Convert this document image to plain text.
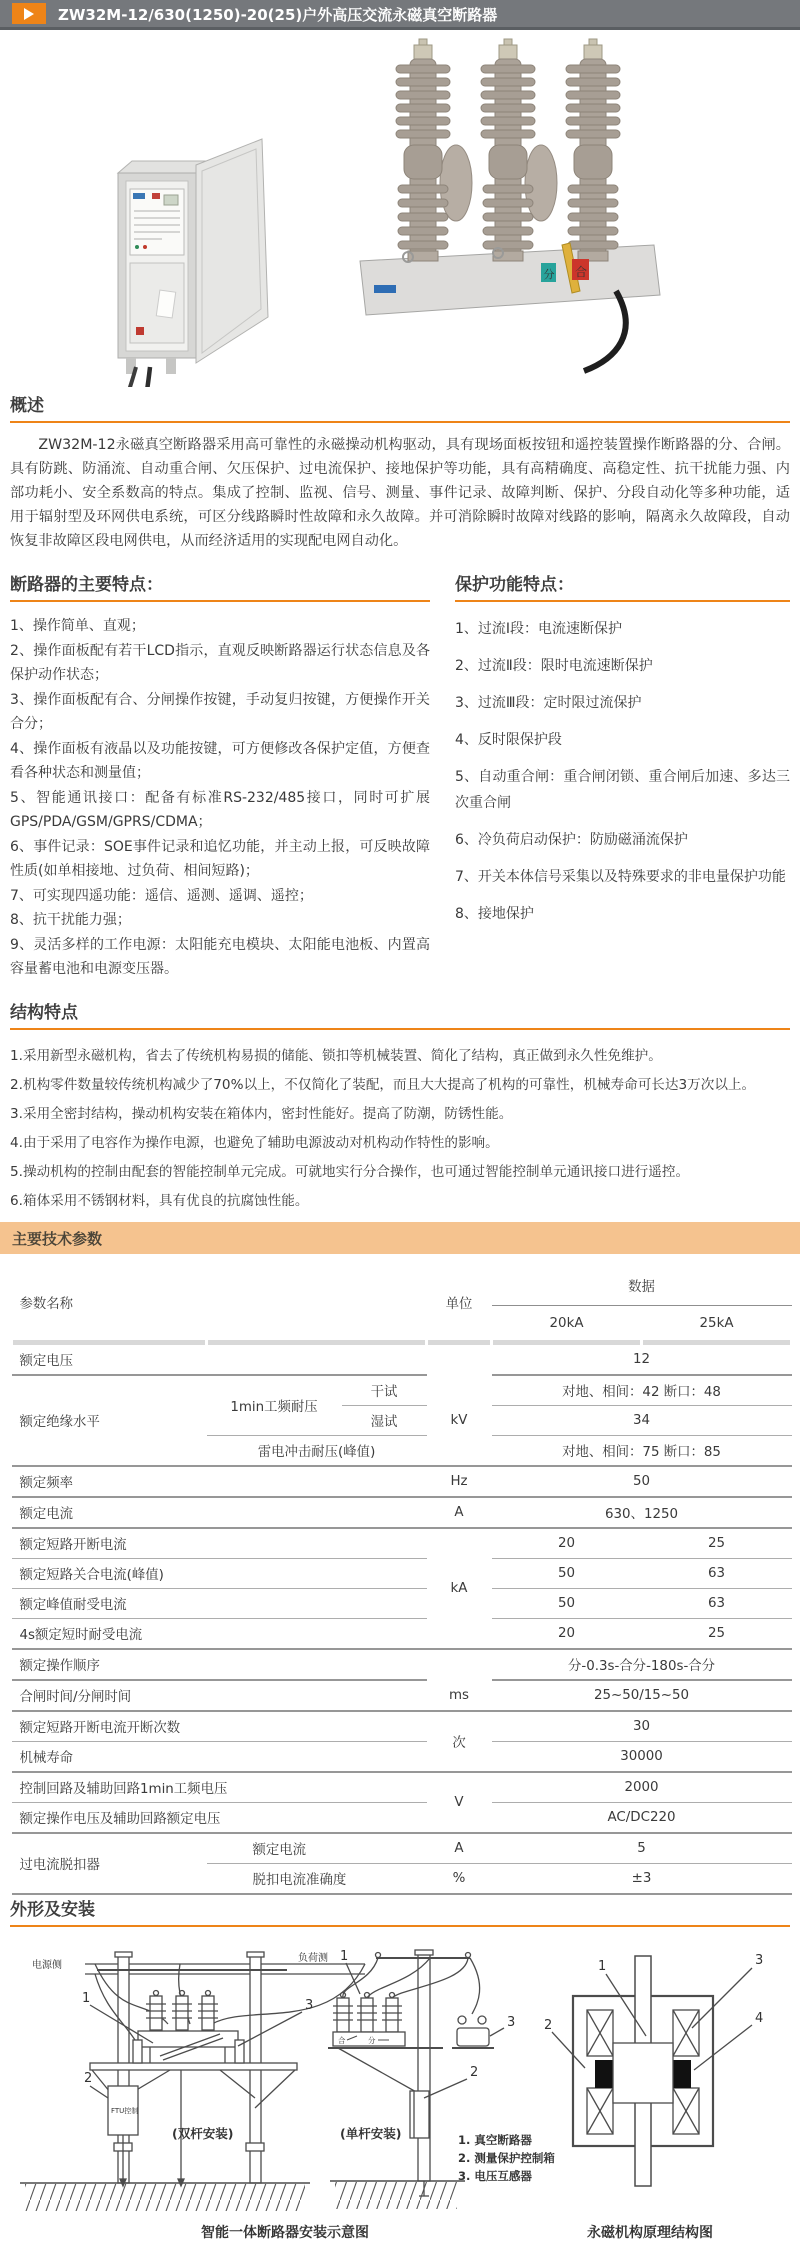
ZW32M-12/630(1250)-20(25)户外高压交流永磁真空断路器
分 合
概述
ZW32M-12永磁真空断路器采用高可靠性的永磁操动机构驱动，具有现场面板按钮和遥控装置操作断路器的分、合闸。具有防跳、防涌流、自动重合闸、欠压保护、过电流保护、接地保护等功能，具有高精确度、高稳定性、抗干扰能力强、内部功耗小、安全系数高的特点。集成了控制、监视、信号、测量、事件记录、故障判断、保护、分段自动化等多种功能，适用于辐射型及环网供电系统，可区分线路瞬时性故障和永久故障。并可消除瞬时故障对线路的影响，隔离永久故障段，自动恢复非故障区段电网供电，从而经济适用的实现配电网自动化。
断路器的主要特点：
1、操作简单、直观；
2、操作面板配有若干LCD指示，直观反映断路器运行状态信息及各保护动作状态；
3、操作面板配有合、分闸操作按键，手动复归按键，方便操作开关合分；
4、操作面板有液晶以及功能按键，可方便修改各保护定值，方便查看各种状态和测量值；
5、智能通讯接口：配备有标准RS-232/485接口，同时可扩展GPS/PDA/GSM/GPRS/CDMA；
6、事件记录：SOE事件记录和追忆功能，并主动上报，可反映故障性质(如单相接地、过负荷、相间短路)；
7、可实现四遥功能：遥信、遥测、遥调、遥控；
8、抗干扰能力强；
9、灵活多样的工作电源：太阳能充电模块、太阳能电池板、内置高容量蓄电池和电源变压器。
保护功能特点：
1、过流Ⅰ段：电流速断保护
2、过流Ⅱ段：限时电流速断保护
3、过流Ⅲ段：定时限过流保护
4、反时限保护段
5、自动重合闸：重合闸闭锁、重合闸后加速、多达三次重合闸
6、冷负荷启动保护：防励磁涌流保护
7、开关本体信号采集以及特殊要求的非电量保护功能
8、接地保护
结构特点
1.采用新型永磁机构，省去了传统机构易损的储能、锁扣等机械装置、简化了结构，真正做到永久性免维护。
2.机构零件数量较传统机构减少了70%以上，不仅简化了装配，而且大大提高了机构的可靠性，机械寿命可长达3万次以上。
3.采用全密封结构，操动机构安装在箱体内，密封性能好。提高了防潮，防锈性能。
4.由于采用了电容作为操作电源，也避免了辅助电源波动对机构动作特性的影响。
5.操动机构的控制由配套的智能控制单元完成。可就地实行分合操作，也可通过智能控制单元通讯接口进行遥控。
6.箱体采用不锈钢材料，具有优良的抗腐蚀性能。
主要技术参数
参数名称			单位	数据	
				20kA	25kA

额定电压				12	
额定绝缘水平	1min工频耐压	干试	kV	对地、相间：42 断口：48	
		湿试		34	
	雷电冲击耐压(峰值)			对地、相间：75 断口：85	
额定频率			Hz	50	
额定电流			A	630、1250	
额定短路开断电流			kA	20	25
额定短路关合电流(峰值)				50	63
额定峰值耐受电流				50	63
4s额定短时耐受电流				20	25
额定操作顺序				分-0.3s-合分-180s-合分	
合闸时间/分闸时间			ms	25~50/15~50	
额定短路开断电流开断次数			次	30	
机械寿命				30000	
控制回路及辅助回路1min工频电压			V	2000	
额定操作电压及辅助回路额定电压				AC/DC220	
过电流脱扣器	额定电流		A	5	
	脱扣电流准确度		%	±3	
外形及安装
电源侧
负荷测
FTU控制
1
2
3
(双杆安装)
合	分
1
3
2
(单杆安装)	1. 真空断路器
2. 测量保护控制箱
3. 电压互感器
1
2
3
4
智能一体断路器安装示意图	永磁机构原理结构图
